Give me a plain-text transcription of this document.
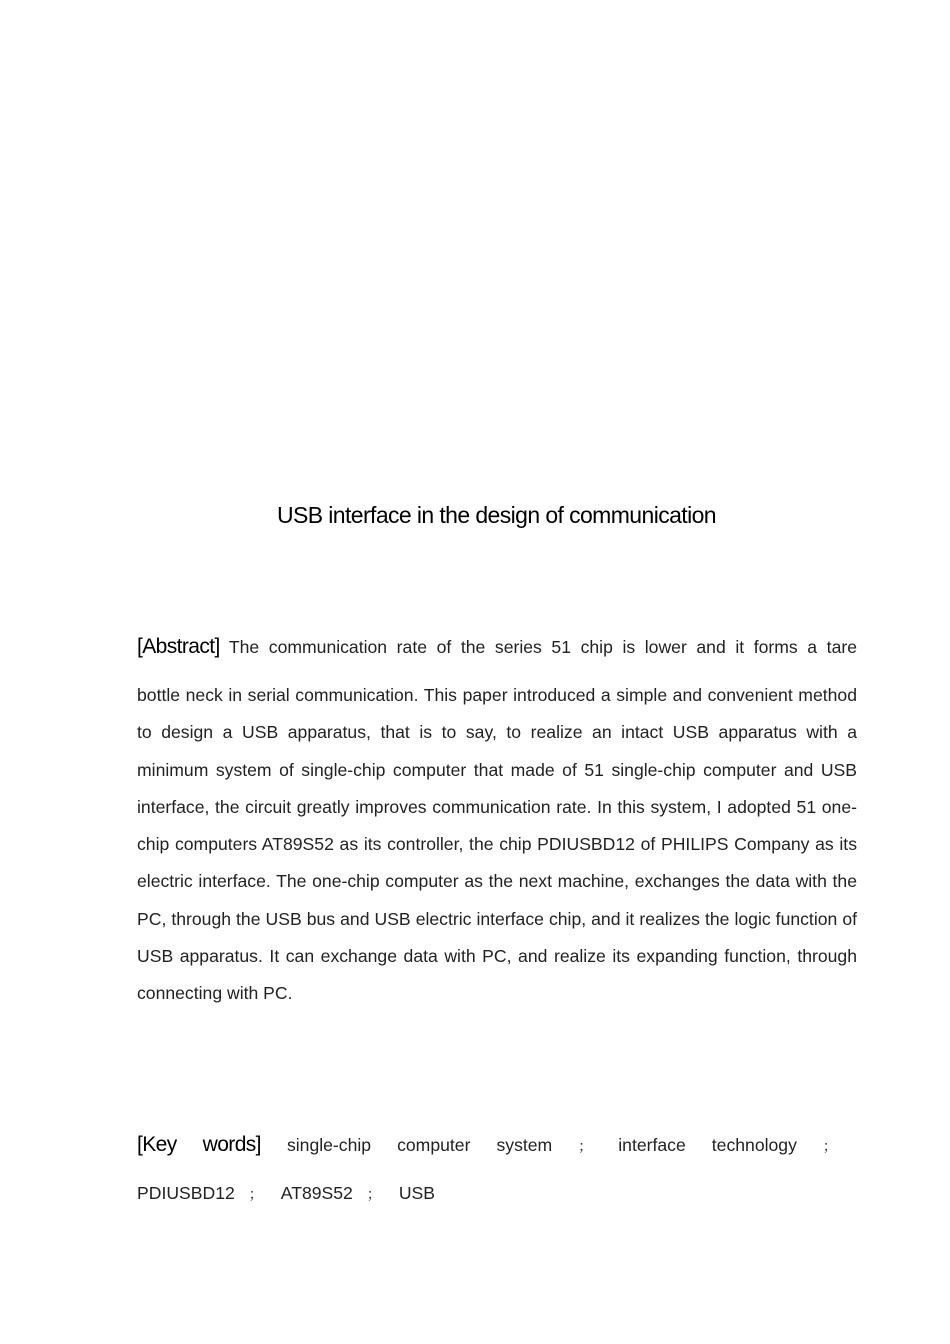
USB interface in the design of communication
[Abstract] The communication rate of the series 51 chip is lower and it forms a tare
bottle neck in serial communication. This paper introduced a simple and convenient method to design a USB apparatus, that is to say, to realize an intact USB apparatus with a minimum system of single-chip computer that made of 51 single-chip computer and USB interface, the circuit greatly improves communication rate. In this system, I adopted 51 one-chip computers AT89S52 as its controller, the chip PDIUSBD12 of PHILIPS Company as its electric interface. The one-chip computer as the next machine, exchanges the data with the PC, through the USB bus and USB electric interface chip, and it realizes the logic function of USB apparatus. It can exchange data with PC, and realize its expanding function, through connecting with PC.
[Key words] single-chip computer system ； interface technology ；
PDIUSBD12 ； AT89S52 ； USB
